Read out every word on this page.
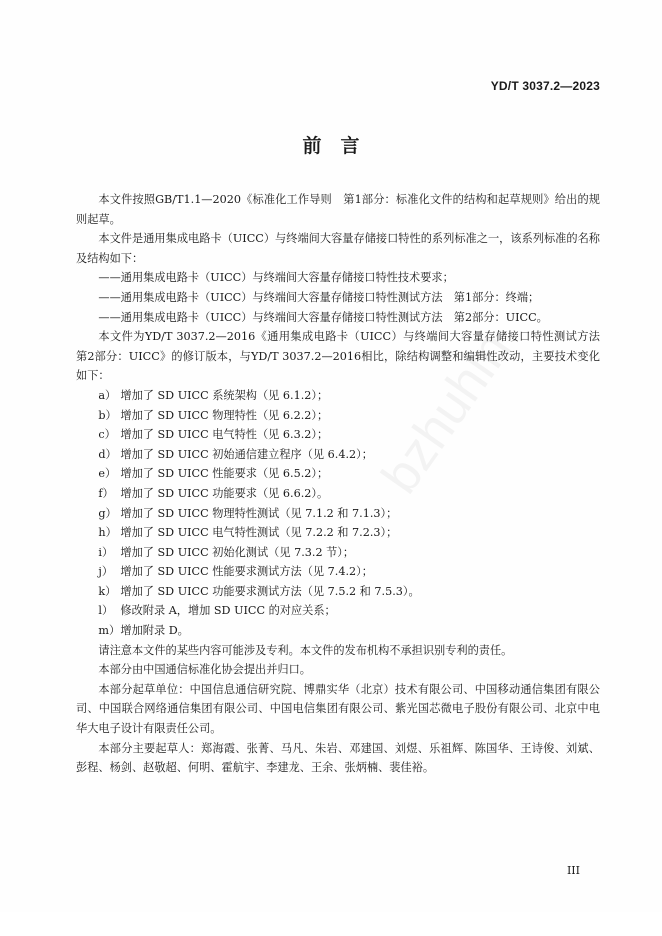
YD/T 3037.2—2023
前　言

本文件按照GB/T1.1—2020《标准化工作导则　第1部分：标准化文件的结构和起草规则》给出的规则起草。

本文件是通用集成电路卡（UICC）与终端间大容量存储接口特性的系列标准之一，该系列标准的名称及结构如下：

——通用集成电路卡（UICC）与终端间大容量存储接口特性技术要求；

——通用集成电路卡（UICC）与终端间大容量存储接口特性测试方法　第1部分：终端；

——通用集成电路卡（UICC）与终端间大容量存储接口特性测试方法　第2部分：UICC。

本文件为YD/T 3037.2—2016《通用集成电路卡（UICC）与终端间大容量存储接口特性测试方法　第2部分：UICC》的修订版本，与YD/T 3037.2—2016相比，除结构调整和编辑性改动，主要技术变化如下：

a） 增加了 SD UICC 系统架构（见 6.1.2）；

b） 增加了 SD UICC 物理特性（见 6.2.2）；

c） 增加了 SD UICC 电气特性（见 6.3.2）；

d） 增加了 SD UICC 初始通信建立程序（见 6.4.2）；

e） 增加了 SD UICC 性能要求（见 6.5.2）；

f） 增加了 SD UICC 功能要求（见 6.6.2）。

g） 增加了 SD UICC 物理特性测试（见 7.1.2 和 7.1.3）；

h） 增加了 SD UICC 电气特性测试（见 7.2.2 和 7.2.3）；

i） 增加了 SD UICC 初始化测试（见 7.3.2 节）；

j） 增加了 SD UICC 性能要求测试方法（见 7.4.2）；

k） 增加了 SD UICC 功能要求测试方法（见 7.5.2 和 7.5.3）。

l） 修改附录 A，增加 SD UICC 的对应关系；

m）增加附录 D。

请注意本文件的某些内容可能涉及专利。本文件的发布机构不承担识别专利的责任。

本部分由中国通信标准化协会提出并归口。

本部分起草单位：中国信息通信研究院、博鼎实华（北京）技术有限公司、中国移动通信集团有限公司、中国联合网络通信集团有限公司、中国电信集团有限公司、紫光国芯微电子股份有限公司、北京中电华大电子设计有限责任公司。

本部分主要起草人：郑海霞、张菁、马凡、朱岩、邓建国、刘煜、乐祖辉、陈国华、王诗俊、刘斌、彭程、杨剑、赵敬超、何明、霍航宇、李建龙、王余、张炳楠、裴佳裕。

III
